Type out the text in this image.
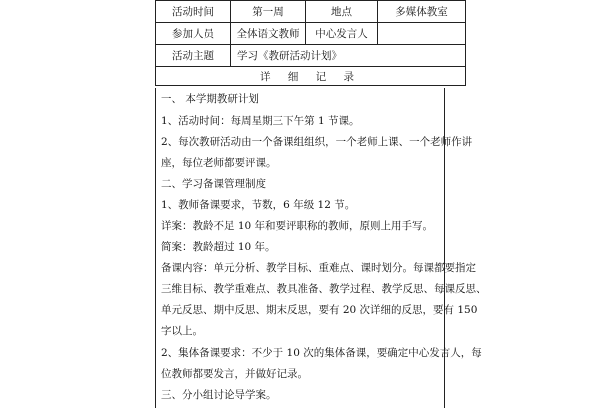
活动时间	第一周	地点	多媒体教室
参加人员	全体语文教师	中心发言人	
活动主题	学习《教研活动计划》		
详 细 记 录			
一、 本学期教研计划
1、活动时间：每周星期三下午第 1 节课。
2、每次教研活动由一个备课组组织，一个老师上课、一个老师作讲
座，每位老师都要评课。
二、学习备课管理制度
1、教师备课要求，节数，6 年级 12 节。
详案：教龄不足 10 年和要评职称的教师，原则上用手写。
简案：教龄超过 10 年。
备课内容：单元分析、教学目标、重难点、课时划分。每课都要指定
三维目标、教学重难点、教具准备、教学过程、教学反思、每课反思、
单元反思、期中反思、期末反思，要有 20 次详细的反思，要有 150
字以上。
2、集体备课要求：不少于 10 次的集体备课，要确定中心发言人，每
位教师都要发言，并做好记录。
三、分小组讨论导学案。
